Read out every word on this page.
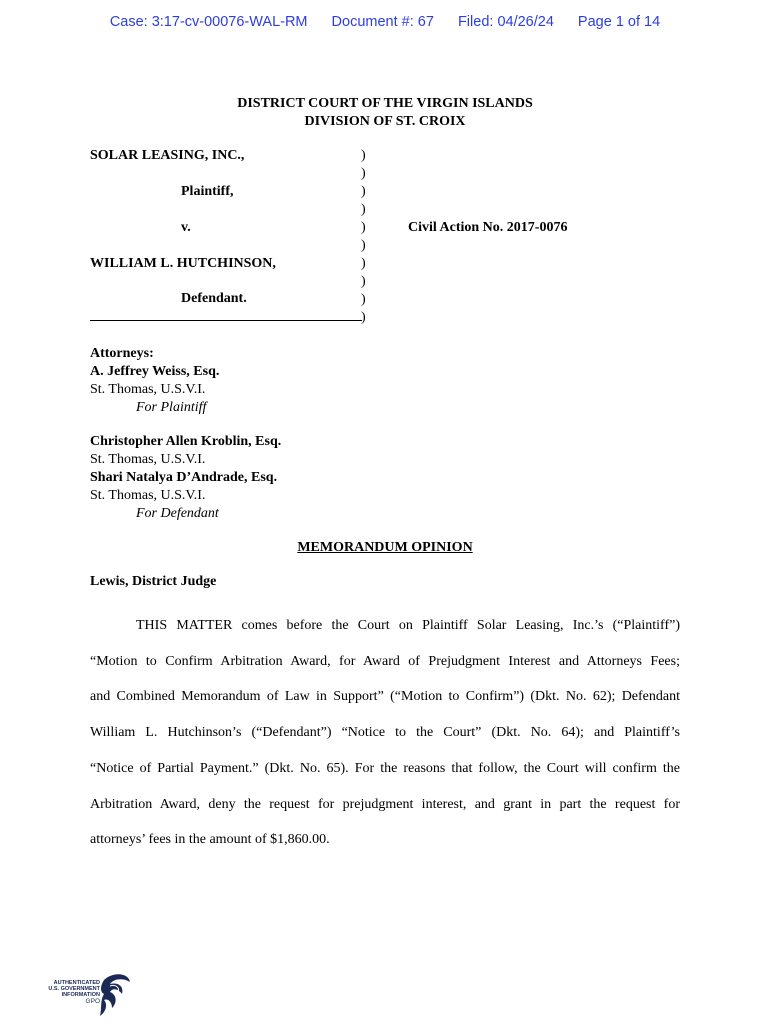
Case: 3:17-cv-00076-WAL-RM Document #: 67 Filed: 04/26/24 Page 1 of 14
DISTRICT COURT OF THE VIRGIN ISLANDS
DIVISION OF ST. CROIX
SOLAR LEASING, INC.,
Plaintiff,
v.
WILLIAM L. HUTCHINSON,
Defendant.
)
)
)
)
)
)
)
)
)
)
Civil Action No. 2017-0076
Attorneys:
A. Jeffrey Weiss, Esq.
St. Thomas, U.S.V.I.
For Plaintiff
Christopher Allen Kroblin, Esq.
St. Thomas, U.S.V.I.
Shari Natalya D’Andrade, Esq.
St. Thomas, U.S.V.I.
For Defendant
MEMORANDUM OPINION
Lewis, District Judge
THIS MATTER comes before the Court on Plaintiff Solar Leasing, Inc.’s (“Plaintiff”)
“Motion to Confirm Arbitration Award, for Award of Prejudgment Interest and Attorneys Fees;
and Combined Memorandum of Law in Support” (“Motion to Confirm”) (Dkt. No. 62); Defendant
William L. Hutchinson’s (“Defendant”) “Notice to the Court” (Dkt. No. 64); and Plaintiff’s
“Notice of Partial Payment.” (Dkt. No. 65). For the reasons that follow, the Court will confirm the
Arbitration Award, deny the request for prejudgment interest, and grant in part the request for
attorneys’ fees in the amount of $1,860.00.
AUTHENTICATED
U.S. GOVERNMENT
INFORMATION
GPO
